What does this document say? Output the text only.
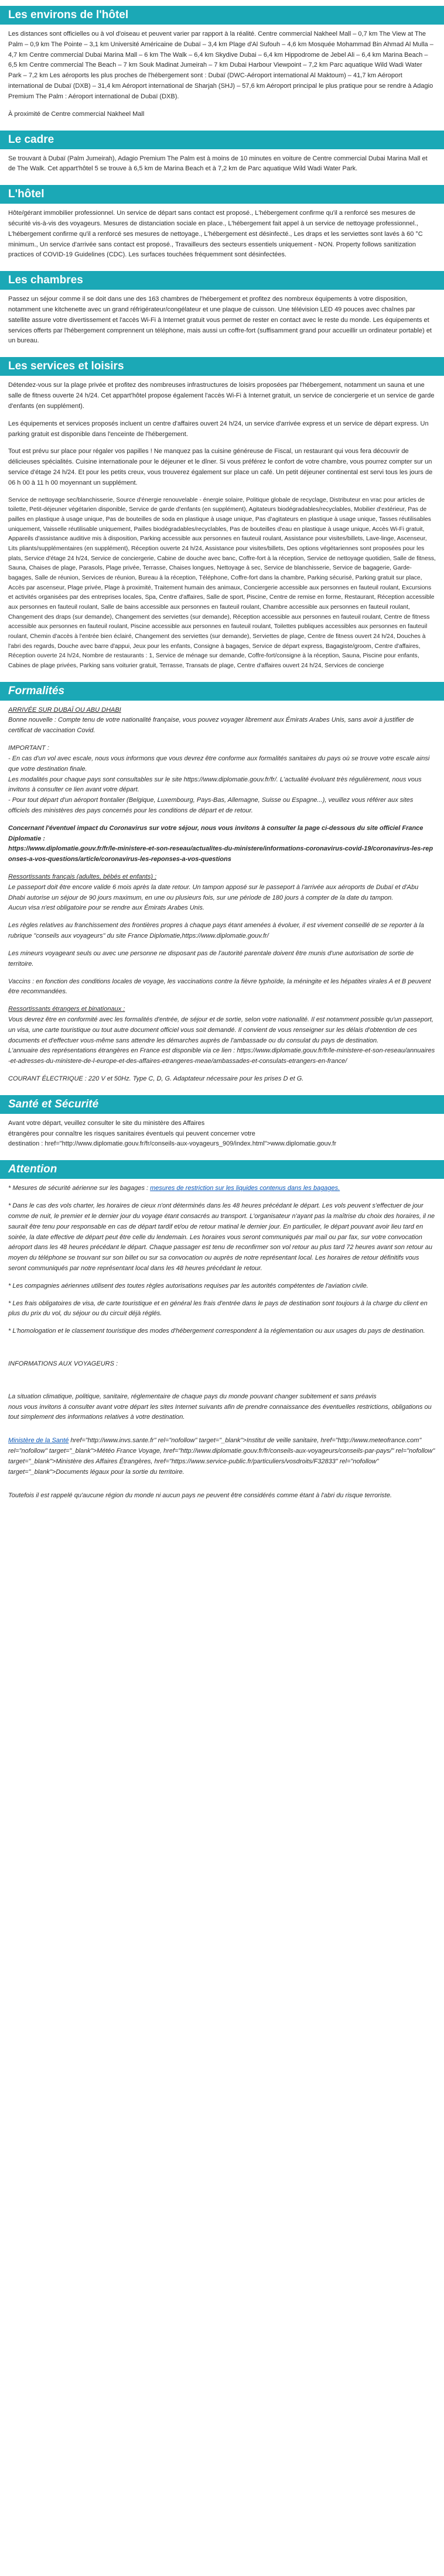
Les environs de l'hôtel

Les distances sont officielles ou à vol d'oiseau et peuvent varier par rapport à la réalité. Centre commercial Nakheel Mall – 0,7 km The View at The Palm – 0,9 km The Pointe – 3,1 km Université Américaine de Dubaï – 3,4 km Plage d'Al Sufouh – 4,6 km Mosquée Mohammad Bin Ahmad Al Mulla – 4,7 km Centre commercial Dubai Marina Mall – 6 km The Walk – 6,4 km Skydive Dubai – 6,4 km Hippodrome de Jebel Ali – 6,4 km Marina Beach – 6,5 km Centre commercial The Beach – 7 km Souk Madinat Jumeirah – 7 km Dubai Harbour Viewpoint – 7,2 km Parc aquatique Wild Wadi Water Park – 7,2 km Les aéroports les plus proches de l'hébergement sont : Dubaï (DWC-Aéroport international Al Maktoum) – 41,7 km Aéroport international de Dubaï (DXB) – 31,4 km Aéroport international de Sharjah (SHJ) – 57,6 km Aéroport principal le plus pratique pour se rendre à Adagio Premium The Palm : Aéroport international de Dubaï (DXB).

À proximité de Centre commercial Nakheel Mall

Le cadre

Se trouvant à Dubaï (Palm Jumeirah), Adagio Premium The Palm est à moins de 10 minutes en voiture de Centre commercial Dubai Marina Mall et de The Walk. Cet appart'hôtel 5 se trouve à 6,5 km de Marina Beach et à 7,2 km de Parc aquatique Wild Wadi Water Park.

L'hôtel

Hôte/gérant immobilier professionnel. Un service de départ sans contact est proposé., L'hébergement confirme qu'il a renforcé ses mesures de sécurité vis-à-vis des voyageurs. Mesures de distanciation sociale en place., L'hébergement fait appel à un service de nettoyage professionnel., L'hébergement confirme qu'il a renforcé ses mesures de nettoyage., L'hébergement est désinfecté., Les draps et les serviettes sont lavés à 60 °C minimum., Un service d'arrivée sans contact est proposé., Travailleurs des secteurs essentiels uniquement - NON. Property follows sanitization practices of COVID-19 Guidelines (CDC). Les surfaces touchées fréquemment sont désinfectées.

Les chambres

Passez un séjour comme il se doit dans une des 163 chambres de l'hébergement et profitez des nombreux équipements à votre disposition, notamment une kitchenette avec un grand réfrigérateur/congélateur et une plaque de cuisson. Une télévision LED 49 pouces avec chaînes par satellite assure votre divertissement et l'accès Wi-Fi à Internet gratuit vous permet de rester en contact avec le reste du monde. Les équipements et services offerts par l'hébergement comprennent un téléphone, mais aussi un coffre-fort (suffisamment grand pour accueillir un ordinateur portable) et un bureau.

Les services et loisirs

Détendez-vous sur la plage privée et profitez des nombreuses infrastructures de loisirs proposées par l'hébergement, notamment un sauna et une salle de fitness ouverte 24 h/24. Cet appart'hôtel propose également l'accès Wi-Fi à Internet gratuit, un service de conciergerie et un service de garde d'enfants (en supplément).

Les équipements et services proposés incluent un centre d'affaires ouvert 24 h/24, un service d'arrivée express et un service de départ express. Un parking gratuit est disponible dans l'enceinte de l'hébergement.

Tout est prévu sur place pour régaler vos papilles ! Ne manquez pas la cuisine généreuse de Fiscal, un restaurant qui vous fera découvrir de délicieuses spécialités. Cuisine internationale pour le déjeuner et le dîner. Si vous préférez le confort de votre chambre, vous pourrez compter sur un service d'étage 24 h/24. Et pour les petits creux, vous trouverez également sur place un café. Un petit déjeuner continental est servi tous les jours de 06 h 00 à 11 h 00 moyennant un supplément.

Service de nettoyage sec/blanchisserie, Source d'énergie renouvelable - énergie solaire, Politique globale de recyclage, Distributeur en vrac pour articles de toilette, Petit-déjeuner végétarien disponible, Service de garde d'enfants (en supplément), Agitateurs biodégradables/recyclables, Mobilier d'extérieur, Pas de pailles en plastique à usage unique, Pas de bouteilles de soda en plastique à usage unique, Pas d'agitateurs en plastique à usage unique, Tasses réutilisables uniquement, Vaisselle réutilisable uniquement, Pailles biodégradables/recyclables, Pas de bouteilles d'eau en plastique à usage unique, Accès Wi-Fi gratuit, Appareils d'assistance auditive mis à disposition, Parking accessible aux personnes en fauteuil roulant, Assistance pour visites/billets, Lave-linge, Ascenseur, Lits pliants/supplémentaires (en supplément), Réception ouverte 24 h/24, Assistance pour visites/billets, Des options végétariennes sont proposées pour les plats, Service d'étage 24 h/24, Service de conciergerie, Cabine de douche avec banc, Coffre-fort à la réception, Service de nettoyage quotidien, Salle de fitness, Sauna, Chaises de plage, Parasols, Plage privée, Terrasse, Chaises longues, Nettoyage à sec, Service de blanchisserie, Service de bagagerie, Garde-bagages, Salle de réunion, Services de réunion, Bureau à la réception, Téléphone, Coffre-fort dans la chambre, Parking sécurisé, Parking gratuit sur place, Accès par ascenseur, Plage privée, Plage à proximité, Traitement humain des animaux, Conciergerie accessible aux personnes en fauteuil roulant, Excursions et activités organisées par des entreprises locales, Spa, Centre d'affaires, Salle de sport, Piscine, Centre de remise en forme, Restaurant, Réception accessible aux personnes en fauteuil roulant, Salle de bains accessible aux personnes en fauteuil roulant, Chambre accessible aux personnes en fauteuil roulant, Changement des draps (sur demande), Changement des serviettes (sur demande), Réception accessible aux personnes en fauteuil roulant, Centre de fitness accessible aux personnes en fauteuil roulant, Piscine accessible aux personnes en fauteuil roulant, Toilettes publiques accessibles aux personnes en fauteuil roulant, Chemin d'accès à l'entrée bien éclairé, Changement des serviettes (sur demande), Serviettes de plage, Centre de fitness ouvert 24 h/24, Douches à l'abri des regards, Douche avec barre d'appui, Jeux pour les enfants, Consigne à bagages, Service de départ express, Bagagiste/groom, Centre d'affaires, Réception ouverte 24 h/24, Nombre de restaurants : 1, Service de ménage sur demande, Coffre-fort/consigne à la réception, Sauna, Piscine pour enfants, Cabines de plage privées, Parking sans voiturier gratuit, Terrasse, Transats de plage, Centre d'affaires ouvert 24 h/24, Services de concierge

Formalités
ARRIVÉE SUR DUBAÏ OU ABU DHABI

Bonne nouvelle : Compte tenu de votre nationalité française, vous pouvez voyager librement aux Émirats Arabes Unis, sans avoir à justifier de certificat de vaccination Covid.

IMPORTANT :
- En cas d'un vol avec escale, nous vous informons que vous devrez être conforme aux formalités sanitaires du pays où se trouve votre escale ainsi que votre destination finale.
Les modalités pour chaque pays sont consultables sur le site https://www.diplomatie.gouv.fr/fr/. L'actualité évoluant très régulièrement, nous vous invitons à consulter ce lien avant votre départ.

- Pour tout départ d'un aéroport frontalier (Belgique, Luxembourg, Pays-Bas, Allemagne, Suisse ou Espagne...), veuillez vous référer aux sites officiels des ministères des pays concernés pour les conditions de départ et de retour.

Concernant l'éventuel impact du Coronavirus sur votre séjour, nous vous invitons à consulter la page ci-dessous du site officiel France Diplomatie :

https://www.diplomatie.gouv.fr/fr/le-ministere-et-son-reseau/actualites-du-ministere/informations-coronavirus-covid-19/coronavirus-les-reponses-a-vos-questions/article/coronavirus-les-reponses-a-vos-questions

Ressortissants français (adultes, bébés et enfants) :
Le passeport doit être encore valide 6 mois après la date retour. Un tampon apposé sur le passeport à l'arrivée aux aéroports de Dubaï et d'Abu Dhabi autorise un séjour de 90 jours maximum, en une ou plusieurs fois, sur une période de 180 jours à compter de la date du tampon.

Aucun visa n'est obligatoire pour se rendre aux Émirats Arabes Unis.

Les règles relatives au franchissement des frontières propres à chaque pays étant amenées à évoluer, il est vivement conseillé de se reporter à la rubrique "conseils aux voyageurs" du site France Diplomatie,https://www.diplomatie.gouv.fr/

Les mineurs voyageant seuls ou avec une personne ne disposant pas de l'autorité parentale doivent être munis d'une autorisation de sortie de territoire.

Vaccins : en fonction des conditions locales de voyage, les vaccinations contre la fièvre typhoïde, la méningite et les hépatites virales A et B peuvent être recommandées.

Ressortissants étrangers et binationaux :
Vous devrez être en conformité avec les formalités d'entrée, de séjour et de sortie, selon votre nationalité. Il est notamment possible qu'un passeport, un visa, une carte touristique ou tout autre document officiel vous soit demandé. Il convient de vous renseigner sur les délais d'obtention de ces documents et d'effectuer vous-même sans attendre les démarches auprès de l'ambassade ou du consulat du pays de destination.

L'annuaire des représentations étrangères en France est disponible via ce lien : https://www.diplomatie.gouv.fr/fr/le-ministere-et-son-reseau/annuaires-et-adresses-du-ministere-de-l-europe-et-des-affaires-etrangeres-meae/ambassades-et-consulats-etrangers-en-france/

COURANT ÉLECTRIQUE : 220 V et 50Hz. Type C, D, G. Adaptateur nécessaire pour les prises D et G.

Santé et Sécurité
Avant votre départ, veuillez consulter le site du ministère des Affaires
étrangères pour connaître les risques sanitaires éventuels qui peuvent concerner votre
destination : href="http://www.diplomatie.gouv.fr/fr/conseils-aux-voyageurs_909/index.html">www.diplomatie.gouv.fr
Attention

* Mesures de sécurité aérienne sur les bagages : mesures de restriction sur les liquides contenus dans les bagages.

* Dans le cas des vols charter, les horaires de cieux n'ont déterminés dans les 48 heures précédant le départ. Les vols peuvent s'effectuer de jour comme de nuit, le premier et le dernier jour du voyage étant consacrés au transport. L'organisateur n'ayant pas la maîtrise du choix des horaires, il ne saurait être tenu pour responsable en cas de départ tardif et/ou de retour matinal le dernier jour. En particulier, le départ pouvant avoir lieu tard en soirée, la date effective de départ peut être celle du lendemain. Les horaires vous seront communiqués par mail ou par fax, sur votre convocation aéroport dans les 48 heures précédant le départ. Chaque passager est tenu de reconfirmer son vol retour au plus tard 72 heures avant son retour au moyen du téléphone se trouvant sur son billet ou sur sa convocation ou auprès de notre représentant local. Les horaires de retour définitifs vous seront communiqués par notre représentant local dans les 48 heures précédant le retour.

* Les compagnies aériennes utilisent des toutes règles autorisations requises par les autorités compétentes de l'aviation civile.

* Les frais obligatoires de visa, de carte touristique et en général les frais d'entrée dans le pays de destination sont toujours à la charge du client en plus du prix du vol, du séjour ou du circuit déjà réglés.

* L'homologation et le classement touristique des modes d'hébergement correspondent à la réglementation ou aux usages du pays de destination.

INFORMATIONS AUX VOYAGEURS :

La situation climatique, politique, sanitaire, réglementaire de chaque pays du monde pouvant changer subitement et sans préavis

nous vous invitons à consulter avant votre départ les sites Internet suivants afin de prendre connaissance des éventuelles restrictions, obligations ou tout simplement des informations relatives à votre destination.

Ministère de la Santé href="http://www.invs.sante.fr" rel="nofollow" target="_blank">Institut de veille sanitaire, href="http://www.meteofrance.com" rel="nofollow" target="_blank">Météo France Voyage, href="http://www.diplomatie.gouv.fr/fr/conseils-aux-voyageurs/conseils-par-pays/" rel="nofollow" target="_blank">Ministère des Affaires Étrangères, href="https://www.service-public.fr/particuliers/vosdroits/F32833" rel="nofollow" target="_blank">Documents légaux pour la sortie du territoire.

Toutefois il est rappelé qu'aucune région du monde ni aucun pays ne peuvent être considérés comme étant à l'abri du risque terroriste.
